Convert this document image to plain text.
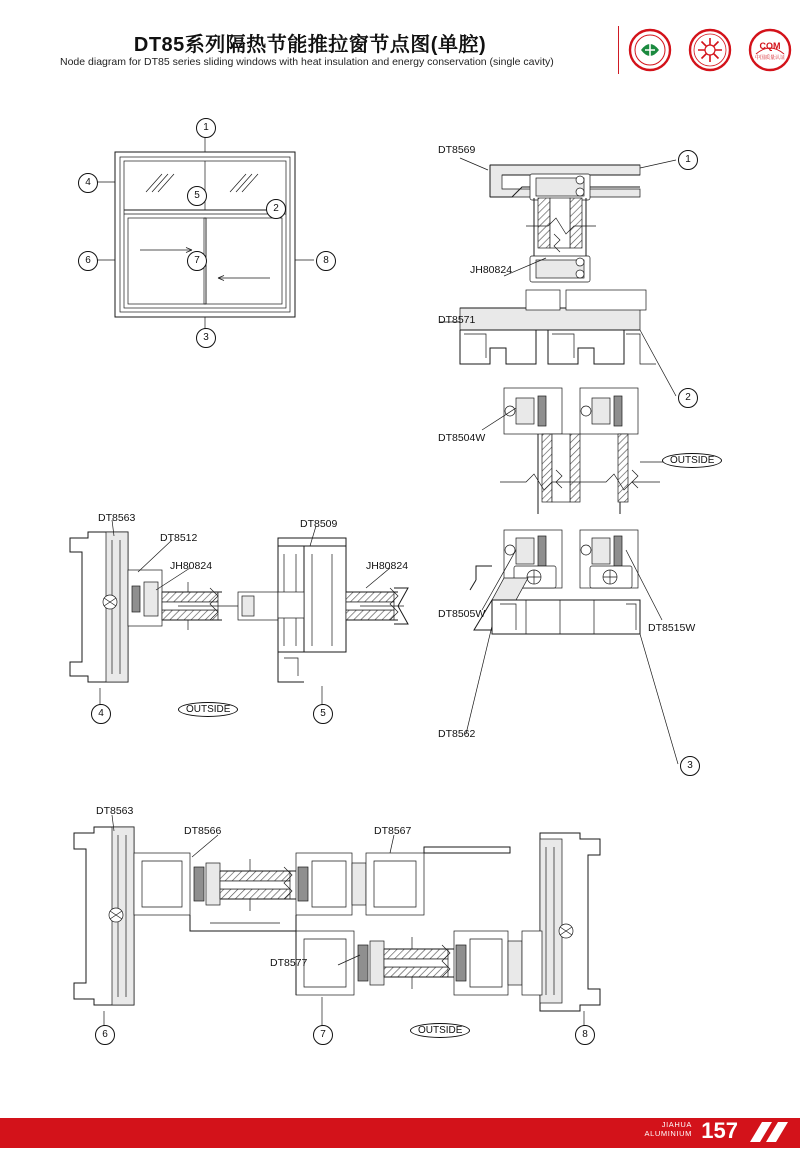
DT85系列隔热节能推拉窗节点图(单腔)
Node diagram for DT85 series sliding windows with heat insulation and energy conservation (single cavity)
CQM
中国质量认证
1
4
5
6
2
7	8
3
DT8569
JH80824
DT8571
DT8504W
DT8505W
DT8515W
DT8562
OUTSIDE
1
2
3
DT8563
DT8512
JH80824
DT8509
JH80824
4	5
OUTSIDE
DT8563
DT8566	DT8567
DT8577
6	7	8
OUTSIDE
JIAHUA
ALUMINIUM 157
